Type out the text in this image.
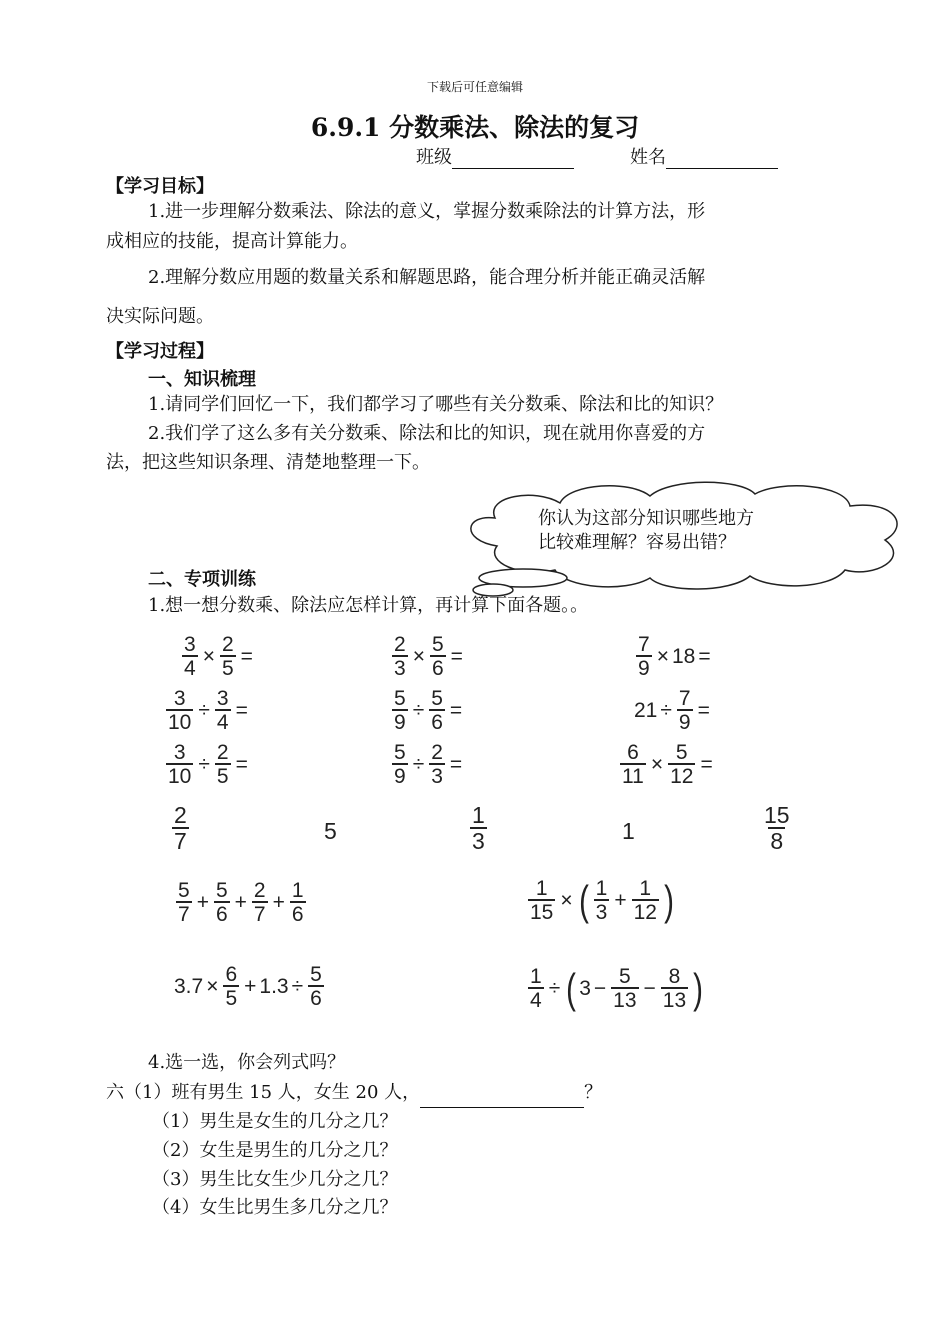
下载后可任意编辑
6.9.1 分数乘法、除法的复习
班级	姓名
【学习目标】
1.进一步理解分数乘法、除法的意义，掌握分数乘除法的计算方法，形
成相应的技能，提高计算能力。
2.理解分数应用题的数量关系和解题思路，能合理分析并能正确灵活解
决实际问题。
【学习过程】
一、知识梳理
1.请同学们回忆一下，我们都学习了哪些有关分数乘、除法和比的知识？
2.我们学了这么多有关分数乘、除法和比的知识，现在就用你喜爱的方
法，把这些知识条理、清楚地整理一下。
你认为这部分知识哪些地方
比较难理解？容易出错？
二、专项训练
1.想一想分数乘、除法应怎样计算，再计算下面各题。。
$\frac{3}{4} \times \frac{2}{5}$ =	$\frac{2}{3} \times \frac{5}{6}$ =	$\frac{7}{9} \times 18$ =
$\frac{3}{10} \div \frac{3}{4}$ =	$\frac{5}{9} \div \frac{5}{6}$ =	$21 \div \frac{7}{9}$ =
$\frac{3}{10} \div \frac{2}{5}$ =	$\frac{5}{9} \div \frac{2}{3}$ =	$\frac{6}{11} \times \frac{5}{12}$ =
$\frac{2}{7}$	5	$\frac{1}{3}$	1	$\frac{15}{8}$
$\frac{5}{7} + \frac{5}{6} + \frac{2}{7} + \frac{1}{6}$	$\frac{1}{15}$ × ( $\frac{1}{3} + \frac{1}{12}$ )
$3.7 \times \frac{6}{5} + 1.3 \div \frac{5}{6}$	$\frac{1}{4}$ ÷ ( $3 - \frac{5}{13} - \frac{8}{13}$ )
4.选一选，你会列式吗？
六（1）班有男生 15 人，女生 20 人，	？
（1）男生是女生的几分之几？
（2）女生是男生的几分之几？
（3）男生比女生少几分之几？
（4）女生比男生多几分之几？
